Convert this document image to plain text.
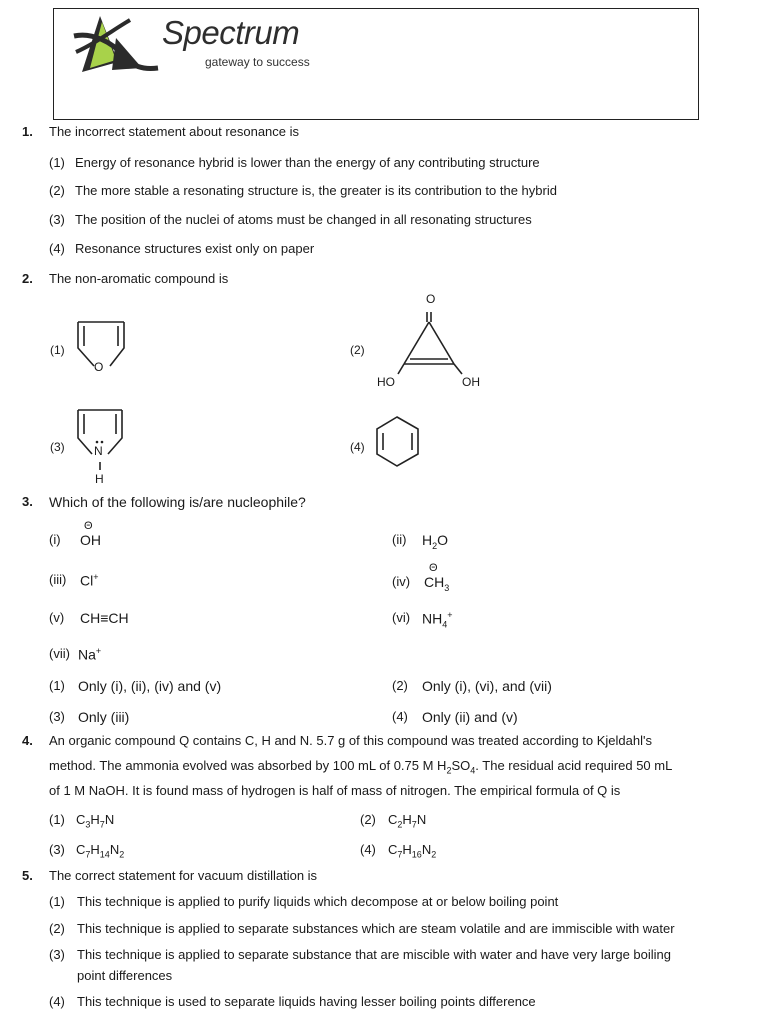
Spectrum
gateway to success
1. The incorrect statement about resonance is
(1) Energy of resonance hybrid is lower than the energy of any contributing structure
(2) The more stable a resonating structure is, the greater is its contribution to the hybrid
(3) The position of the nuclei of atoms must be changed in all resonating structures
(4) Resonance structures exist only on paper
2. The non-aromatic compound is
(1)
O
(2)
O
HO	OH
(3) N
H
(4)
3. Which of the following is/are nucleophile?
(i) OH
Θ
(ii) $H_2O$
(iii) Cl+	(iv) $CH_3$
Θ
(v) CH≡CH	(vi) $NH_4^+$
(vii) Na+
(1) Only (i), (ii), (iv) and (v)	(2) Only (i), (vi), and (vii)
(3) Only (iii)	(4) Only (ii) and (v)
4. An organic compound Q contains C, H and N. 5.7 g of this compound was treated according to Kjeldahl's
method. The ammonia evolved was absorbed by 100 mL of 0.75 M $H_2SO_4$. The residual acid required 50 mL
of 1 M NaOH. It is found mass of hydrogen is half of mass of nitrogen. The empirical formula of Q is
(1) $C_3H_7N$	(2) $C_2H_7N$
(3) $C_7H_{14}N_2$	(4) $C_7H_{16}N_2$
5. The correct statement for vacuum distillation is
(1) This technique is applied to purify liquids which decompose at or below boiling point
(2) This technique is applied to separate substances which are steam volatile and are immiscible with water
(3) This technique is applied to separate substance that are miscible with water and have very large boiling
point differences
(4) This technique is used to separate liquids having lesser boiling points difference
